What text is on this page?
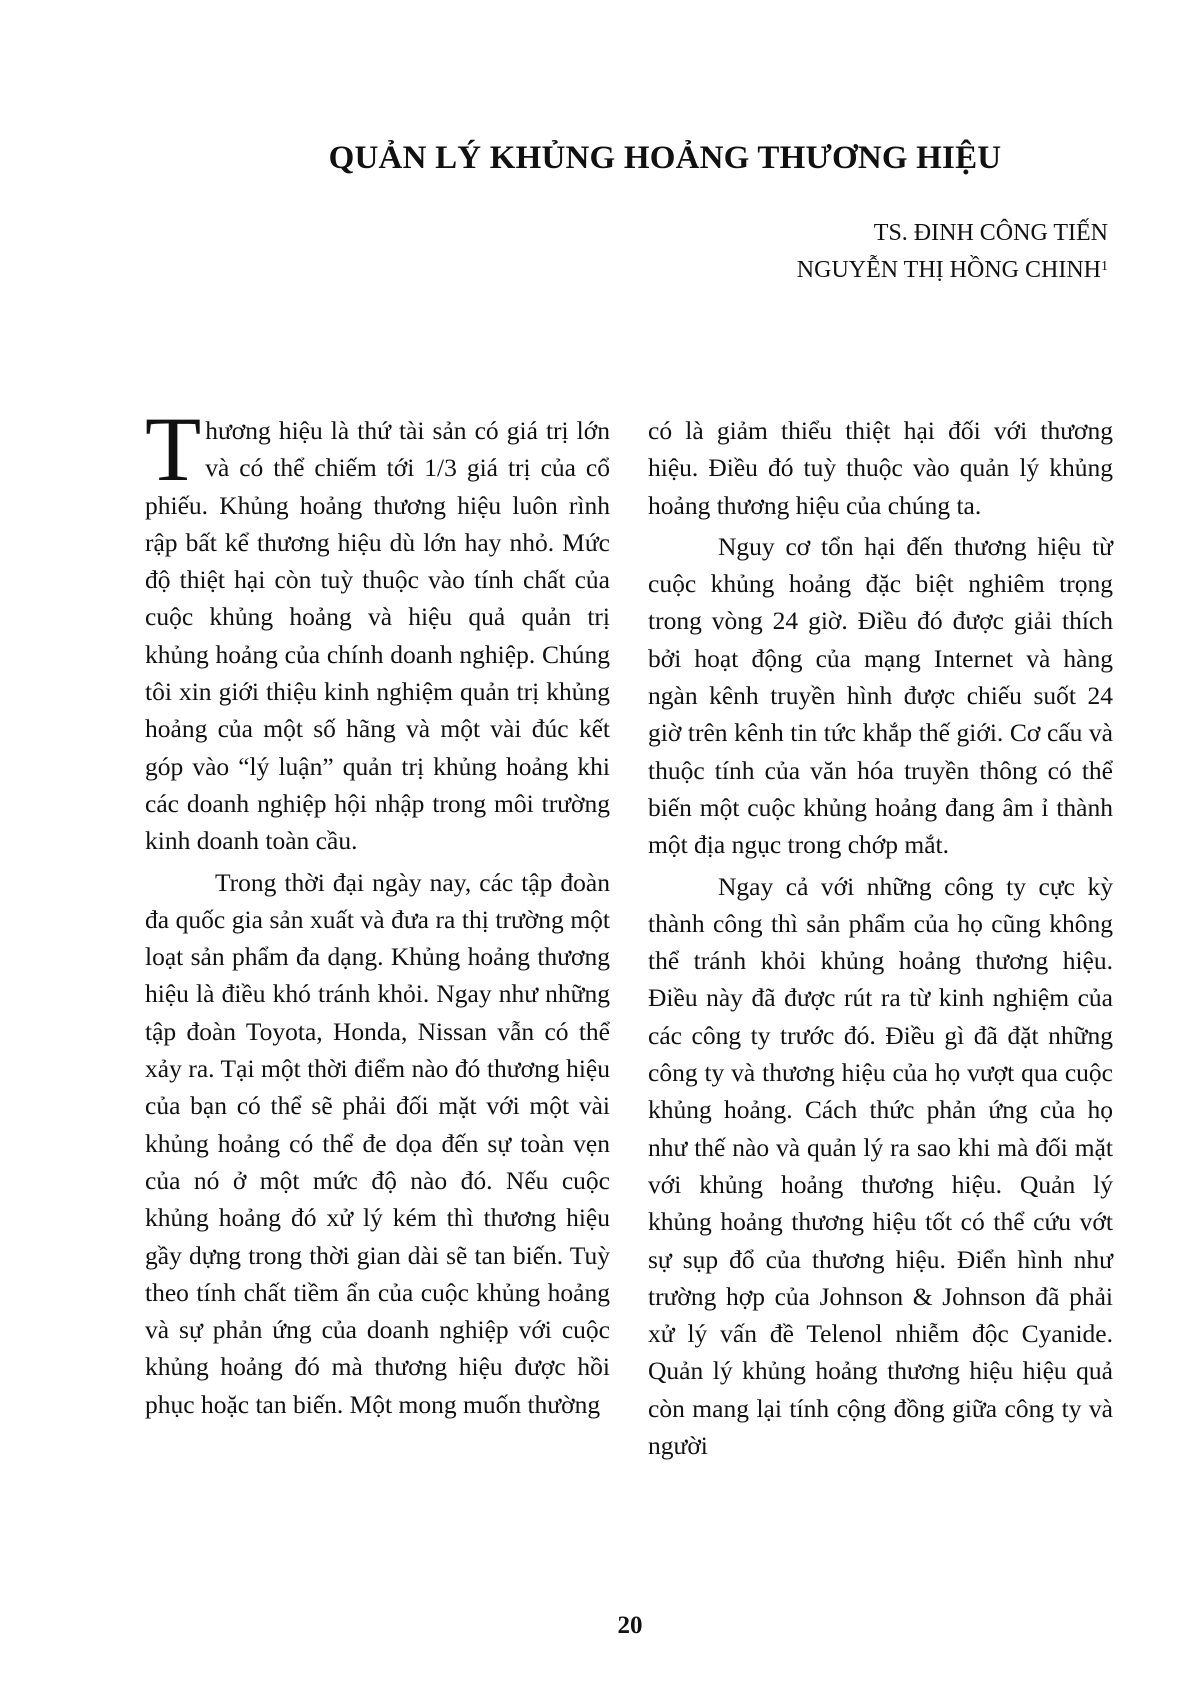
QUẢN LÝ KHỦNG HOẢNG THƯƠNG HIỆU
TS. ĐINH CÔNG TIẾN
NGUYỄN THỊ HỒNG CHINH$^1$

Thương hiệu là thứ tài sản có giá trị lớn và có thể chiếm tới 1/3 giá trị của cổ phiếu. Khủng hoảng thương hiệu luôn rình rập bất kể thương hiệu dù lớn hay nhỏ. Mức độ thiệt hại còn tuỳ thuộc vào tính chất của cuộc khủng hoảng và hiệu quả quản trị khủng hoảng của chính doanh nghiệp. Chúng tôi xin giới thiệu kinh nghiệm quản trị khủng hoảng của một số hãng và một vài đúc kết góp vào “lý luận” quản trị khủng hoảng khi các doanh nghiệp hội nhập trong môi trường kinh doanh toàn cầu.

Trong thời đại ngày nay, các tập đoàn đa quốc gia sản xuất và đưa ra thị trường một loạt sản phẩm đa dạng. Khủng hoảng thương hiệu là điều khó tránh khỏi. Ngay như những tập đoàn Toyota, Honda, Nissan vẫn có thể xảy ra. Tại một thời điểm nào đó thương hiệu của bạn có thể sẽ phải đối mặt với một vài khủng hoảng có thể đe dọa đến sự toàn vẹn của nó ở một mức độ nào đó. Nếu cuộc khủng hoảng đó xử lý kém thì thương hiệu gầy dựng trong thời gian dài sẽ tan biến. Tuỳ theo tính chất tiềm ẩn của cuộc khủng hoảng và sự phản ứng của doanh nghiệp với cuộc khủng hoảng đó mà thương hiệu được hồi phục hoặc tan biến. Một mong muốn thường

có là giảm thiểu thiệt hại đối với thương hiệu. Điều đó tuỳ thuộc vào quản lý khủng hoảng thương hiệu của chúng ta.

Nguy cơ tổn hại đến thương hiệu từ cuộc khủng hoảng đặc biệt nghiêm trọng trong vòng 24 giờ. Điều đó được giải thích bởi hoạt động của mạng Internet và hàng ngàn kênh truyền hình được chiếu suốt 24 giờ trên kênh tin tức khắp thế giới. Cơ cấu và thuộc tính của văn hóa truyền thông có thể biến một cuộc khủng hoảng đang âm ỉ thành một địa ngục trong chớp mắt.

Ngay cả với những công ty cực kỳ thành công thì sản phẩm của họ cũng không thể tránh khỏi khủng hoảng thương hiệu. Điều này đã được rút ra từ kinh nghiệm của các công ty trước đó. Điều gì đã đặt những công ty và thương hiệu của họ vượt qua cuộc khủng hoảng. Cách thức phản ứng của họ như thế nào và quản lý ra sao khi mà đối mặt với khủng hoảng thương hiệu. Quản lý khủng hoảng thương hiệu tốt có thể cứu vớt sự sụp đổ của thương hiệu. Điển hình như trường hợp của Johnson & Johnson đã phải xử lý vấn đề Telenol nhiễm độc Cyanide. Quản lý khủng hoảng thương hiệu hiệu quả còn mang lại tính cộng đồng giữa công ty và người

20
